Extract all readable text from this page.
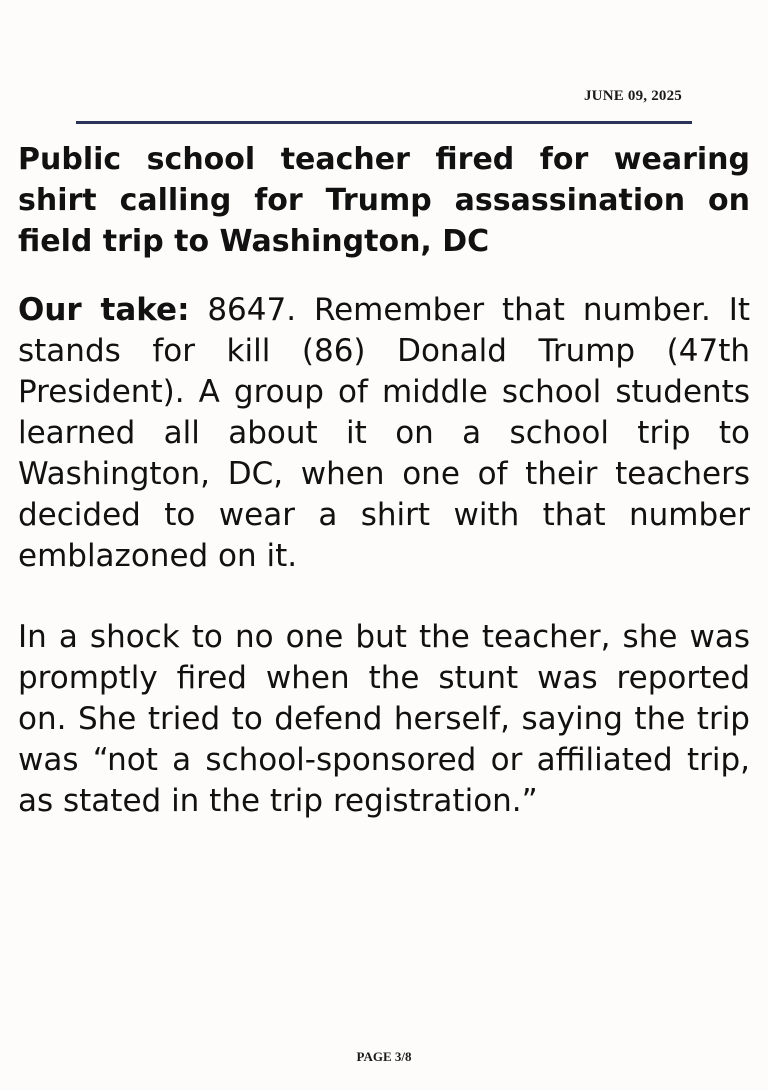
JUNE 09, 2025
Public school teacher fired for wearing shirt calling for Trump assassination on field trip to Washington, DC

Our take: 8647. Remember that number. It stands for kill (86) Donald Trump (47th President). A group of middle school students learned all about it on a school trip to Washington, DC, when one of their teachers decided to wear a shirt with that number emblazoned on it.

In a shock to no one but the teacher, she was promptly fired when the stunt was reported on. She tried to defend herself, saying the trip was “not a school-sponsored or affiliated trip, as stated in the trip registration.”

PAGE 3/8
